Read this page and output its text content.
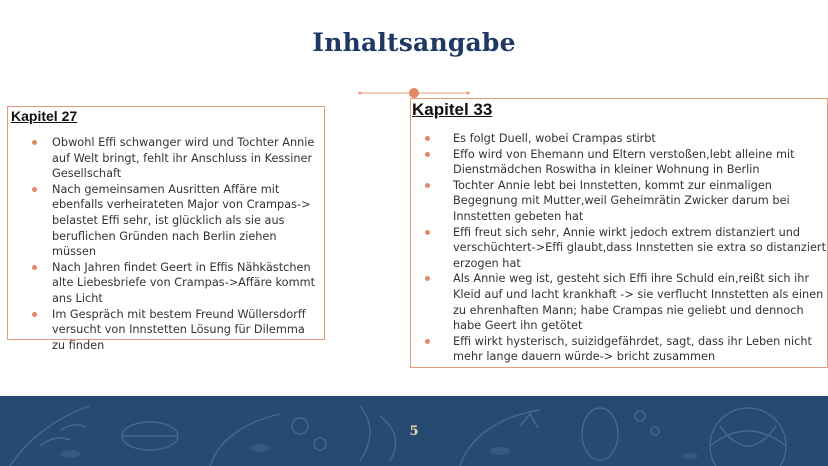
Inhaltsangabe
Kapitel 27
Obwohl Effi schwanger wird und Tochter Annie auf Welt bringt, fehlt ihr Anschluss in Kessiner Gesellschaft
Nach gemeinsamen Ausritten Affäre mit ebenfalls verheirateten Major von Crampas-> belastet Effi sehr, ist glücklich als sie aus beruflichen Gründen nach Berlin ziehen müssen
Nach Jahren findet Geert in Effis Nähkästchen alte Liebesbriefe von Crampas->Affäre kommt ans Licht
Im Gespräch mit bestem Freund Wüllersdorff versucht von Innstetten Lösung für Dilemma zu finden
Kapitel 33
Es folgt Duell, wobei Crampas stirbt
Effo wird von Ehemann und Eltern verstoßen,lebt alleine mit Dienstmädchen Roswitha in kleiner Wohnung in Berlin
Tochter Annie lebt bei Innstetten, kommt zur einmaligen Begegnung mit Mutter,weil Geheimrätin Zwicker darum bei Innstetten gebeten hat
Effi freut sich sehr, Annie wirkt jedoch extrem distanziert und verschüchtert->Effi glaubt,dass Innstetten sie extra so distanziert erzogen hat
Als Annie weg ist, gesteht sich Effi ihre Schuld ein,reißt sich ihr Kleid auf und lacht krankhaft -> sie verflucht Innstetten als einen zu ehrenhaften Mann; habe Crampas nie geliebt und dennoch habe Geert ihn getötet
Effi wirkt hysterisch, suizidgefährdet, sagt, dass ihr Leben nicht mehr lange dauern würde-> bricht zusammen
5
